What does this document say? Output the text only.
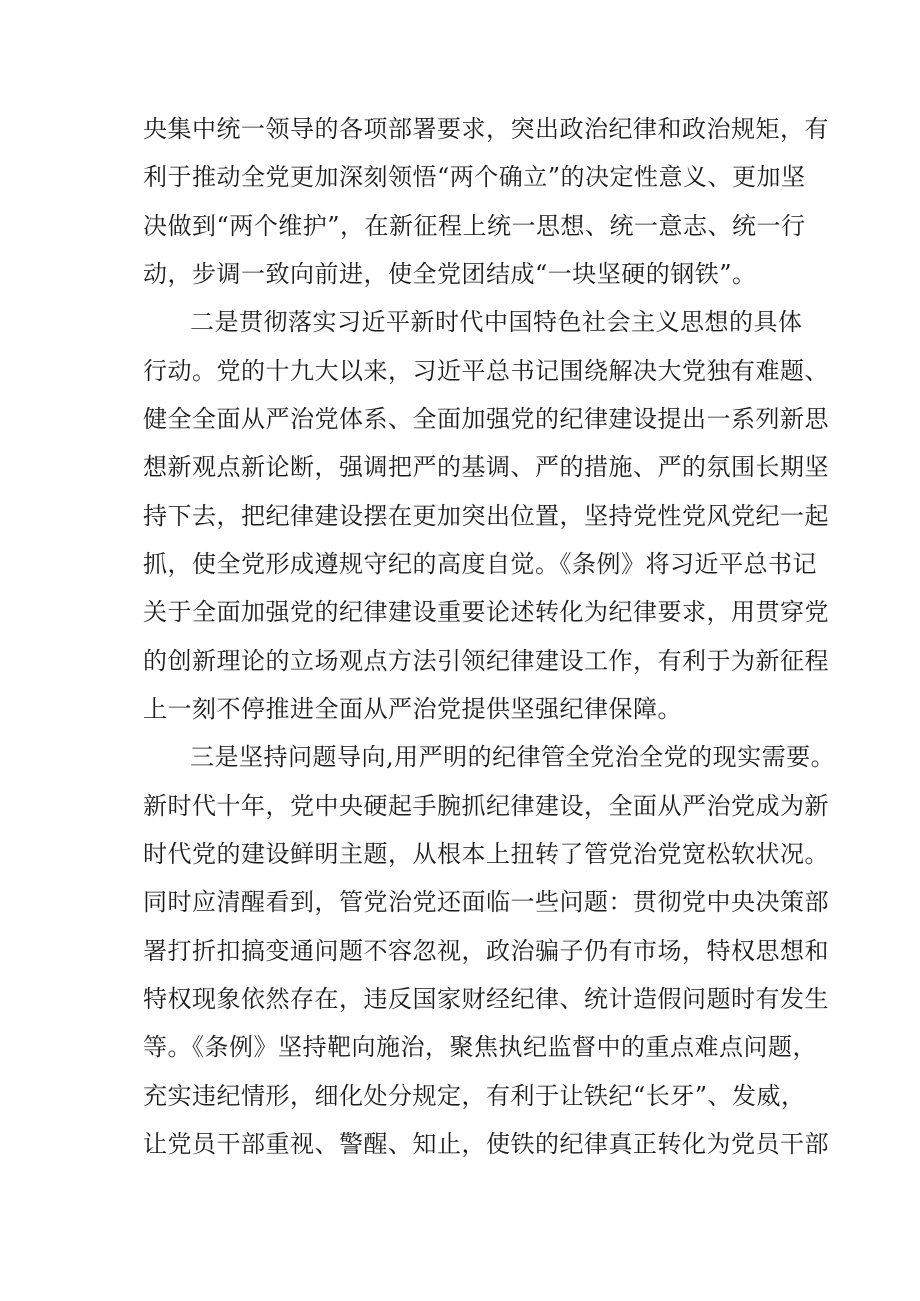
央集中统一领导的各项部署要求，突出政治纪律和政治规矩，有
利于推动全党更加深刻领悟“两个确立”的决定性意义、更加坚
决做到“两个维护”，在新征程上统一思想、统一意志、统一行
动，步调一致向前进，使全党团结成“一块坚硬的钢铁”。
二是贯彻落实习近平新时代中国特色社会主义思想的具体
行动。党的十九大以来，习近平总书记围绕解决大党独有难题、
健全全面从严治党体系、全面加强党的纪律建设提出一系列新思
想新观点新论断，强调把严的基调、严的措施、严的氛围长期坚
持下去，把纪律建设摆在更加突出位置，坚持党性党风党纪一起
抓，使全党形成遵规守纪的高度自觉。《条例》将习近平总书记
关于全面加强党的纪律建设重要论述转化为纪律要求，用贯穿党
的创新理论的立场观点方法引领纪律建设工作，有利于为新征程
上一刻不停推进全面从严治党提供坚强纪律保障。
三是坚持问题导向,用严明的纪律管全党治全党的现实需要。
新时代十年，党中央硬起手腕抓纪律建设，全面从严治党成为新
时代党的建设鲜明主题，从根本上扭转了管党治党宽松软状况。
同时应清醒看到，管党治党还面临一些问题：贯彻党中央决策部
署打折扣搞变通问题不容忽视，政治骗子仍有市场，特权思想和
特权现象依然存在，违反国家财经纪律、统计造假问题时有发生
等。《条例》坚持靶向施治，聚焦执纪监督中的重点难点问题，
充实违纪情形，细化处分规定，有利于让铁纪“长牙”、发威，
让党员干部重视、警醒、知止，使铁的纪律真正转化为党员干部
